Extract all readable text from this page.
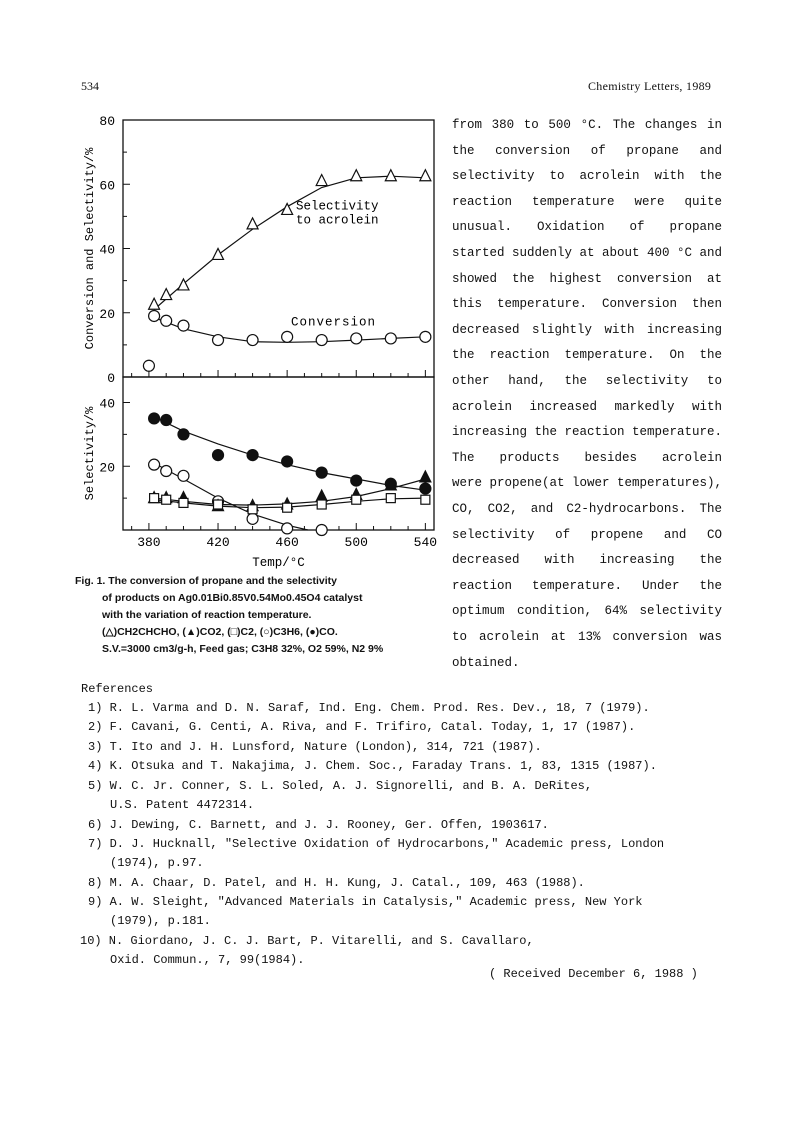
534	Chemistry Letters, 1989
380	420	460	500	540
0
20
40
60
80
20
40
Conversion and Selectivity/%
Selectivity/%
Temp/°C
Selectivity
to acrolein
Conversion
from 380 to 500 °C. The changes in
the conversion of propane and
selectivity to acrolein with the
reaction temperature were quite
unusual. Oxidation of propane
started suddenly at about 400 °C and
showed the highest conversion at
this temperature. Conversion then
decreased slightly with increasing
the reaction temperature. On the
other hand, the selectivity to
acrolein increased markedly with
increasing the reaction temperature.
The products besides acrolein
were propene(at lower temperatures),
CO, CO2, and C2-hydrocarbons. The
selectivity of propene and CO
decreased with increasing the
reaction temperature. Under the
optimum condition, 64% selectivity
to acrolein at 13% conversion was
obtained.
Fig. 1. The conversion of propane and the selectivity
of products on Ag0.01Bi0.85V0.54Mo0.45O4 catalyst
with the variation of reaction temperature.
(△)CH2CHCHO, (▲)CO2, (□)C2, (○)C3H6, (●)CO.
S.V.=3000 cm3/g-h, Feed gas; C3H8 32%, O2 59%, N2 9%
References
1) R. L. Varma and D. N. Saraf, Ind. Eng. Chem. Prod. Res. Dev., 18, 7 (1979).
2) F. Cavani, G. Centi, A. Riva, and F. Trifiro, Catal. Today, 1, 17 (1987).
3) T. Ito and J. H. Lunsford, Nature (London), 314, 721 (1987).
4) K. Otsuka and T. Nakajima, J. Chem. Soc., Faraday Trans. 1, 83, 1315 (1987).
5) W. C. Jr. Conner, S. L. Soled, A. J. Signorelli, and B. A. DeRites,
U.S. Patent 4472314.
6) J. Dewing, C. Barnett, and J. J. Rooney, Ger. Offen, 1903617.
7) D. J. Hucknall, "Selective Oxidation of Hydrocarbons," Academic press, London
(1974), p.97.
8) M. A. Chaar, D. Patel, and H. H. Kung, J. Catal., 109, 463 (1988).
9) A. W. Sleight, "Advanced Materials in Catalysis," Academic press, New York
(1979), p.181.
10) N. Giordano, J. C. J. Bart, P. Vitarelli, and S. Cavallaro,
Oxid. Commun., 7, 99(1984).
( Received December 6, 1988 )
